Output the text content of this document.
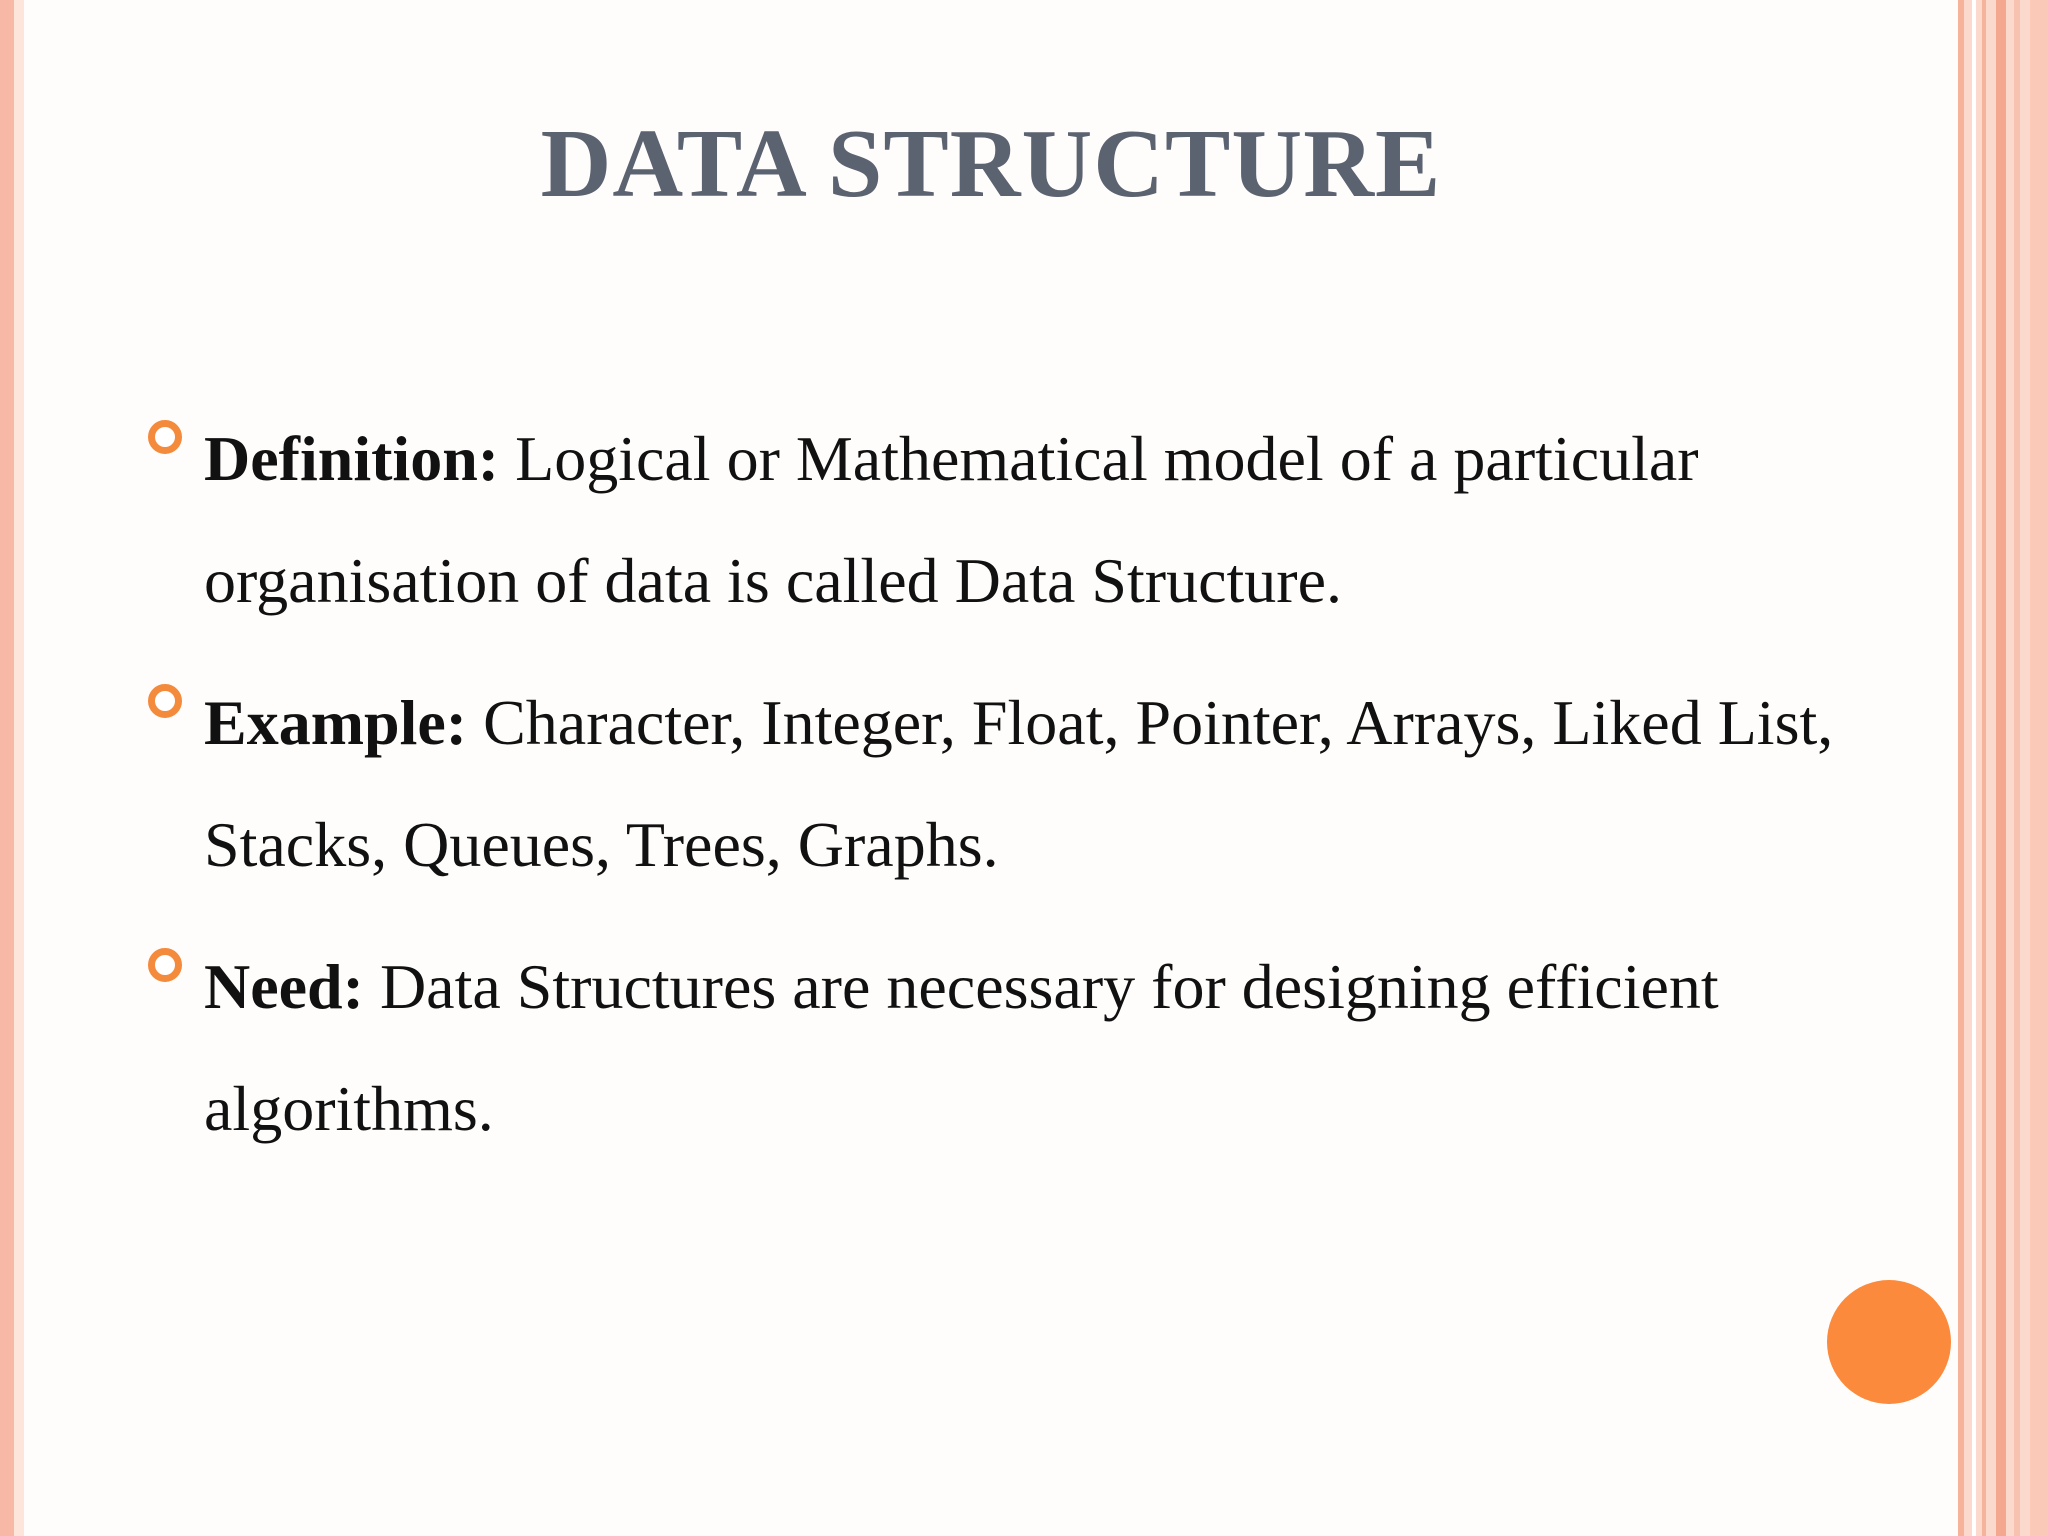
DATA STRUCTURE
Definition: Logical or Mathematical model of a particular organisation of data is called Data Structure.
Example: Character, Integer, Float, Pointer, Arrays, Liked List, Stacks, Queues, Trees, Graphs.
Need: Data Structures are necessary for designing efficient algorithms.
